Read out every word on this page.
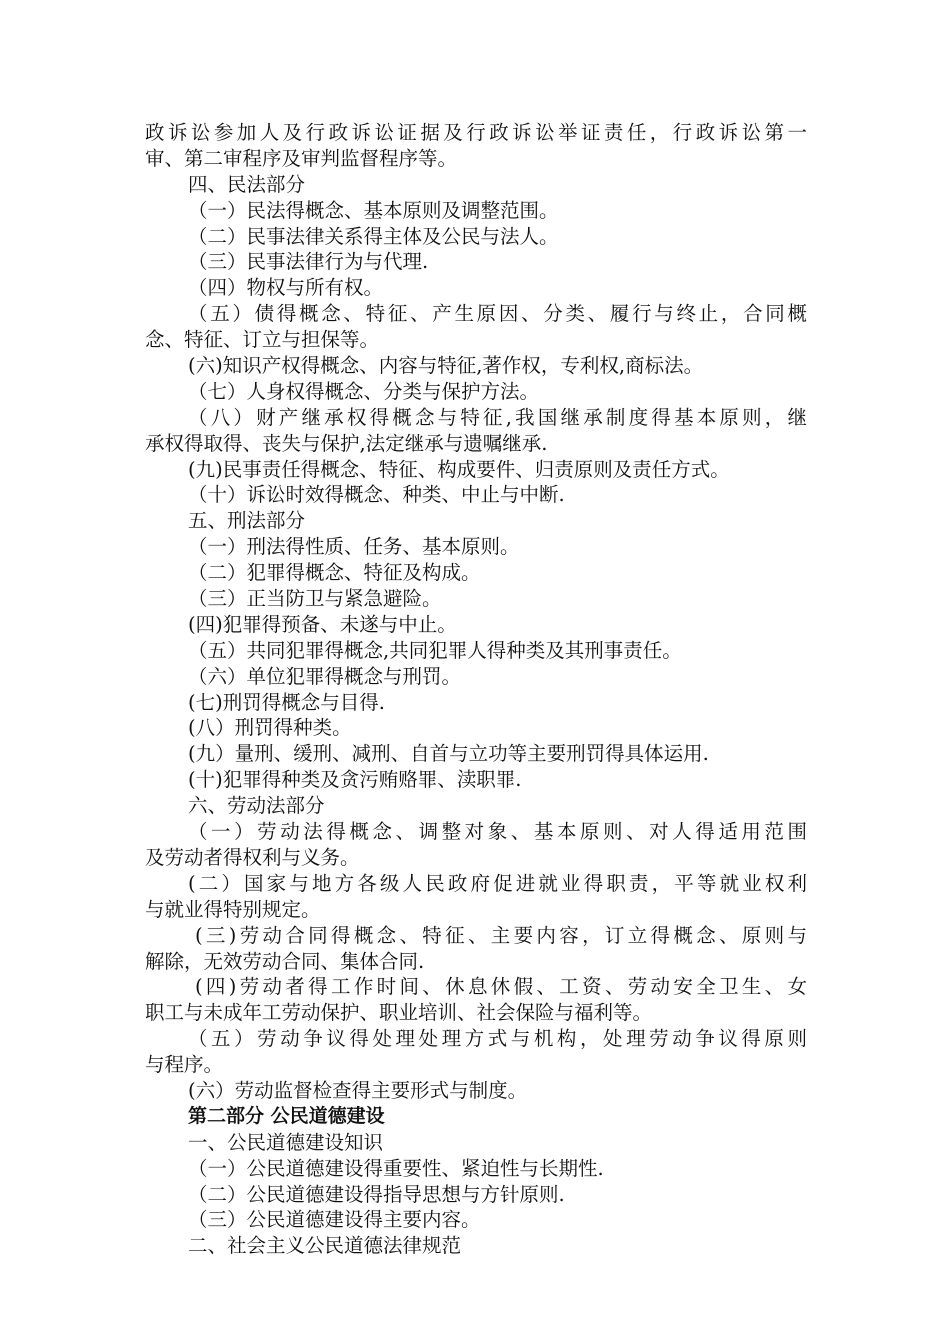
政诉讼参加人及行政诉讼证据及行政诉讼举证责任，行政诉讼第一
审、第二审程序及审判监督程序等。
四、民法部分
（一）民法得概念、基本原则及调整范围。
（二）民事法律关系得主体及公民与法人。
（三）民事法律行为与代理.
（四）物权与所有权。
（五）债得概念、特征、产生原因、分类、履行与终止，合同概
念、特征、订立与担保等。
(六)知识产权得概念、内容与特征,著作权，专利权,商标法。
（七）人身权得概念、分类与保护方法。
（八）财产继承权得概念与特征,我国继承制度得基本原则，继
承权得取得、丧失与保护,法定继承与遗嘱继承.
(九)民事责任得概念、特征、构成要件、归责原则及责任方式。
（十）诉讼时效得概念、种类、中止与中断.
五、刑法部分
（一）刑法得性质、任务、基本原则。
（二）犯罪得概念、特征及构成。
（三）正当防卫与紧急避险。
(四)犯罪得预备、未遂与中止。
（五）共同犯罪得概念,共同犯罪人得种类及其刑事责任。
（六）单位犯罪得概念与刑罚。
(七)刑罚得概念与目得.
(八）刑罚得种类。
(九）量刑、缓刑、减刑、自首与立功等主要刑罚得具体运用.
(十)犯罪得种类及贪污贿赂罪、渎职罪.
六、劳动法部分
（一）劳动法得概念、调整对象、基本原则、对人得适用范围
及劳动者得权利与义务。
(二）国家与地方各级人民政府促进就业得职责，平等就业权利
与就业得特别规定。
(三)劳动合同得概念、特征、主要内容，订立得概念、原则与
解除，无效劳动合同、集体合同.
(四)劳动者得工作时间、休息休假、工资、劳动安全卫生、女
职工与未成年工劳动保护、职业培训、社会保险与福利等。
（五）劳动争议得处理处理方式与机构，处理劳动争议得原则
与程序。
(六）劳动监督检查得主要形式与制度。
第二部分 公民道德建设
一、公民道德建设知识
（一）公民道德建设得重要性、紧迫性与长期性.
（二）公民道德建设得指导思想与方针原则.
（三）公民道德建设得主要内容。
二、社会主义公民道德法律规范
